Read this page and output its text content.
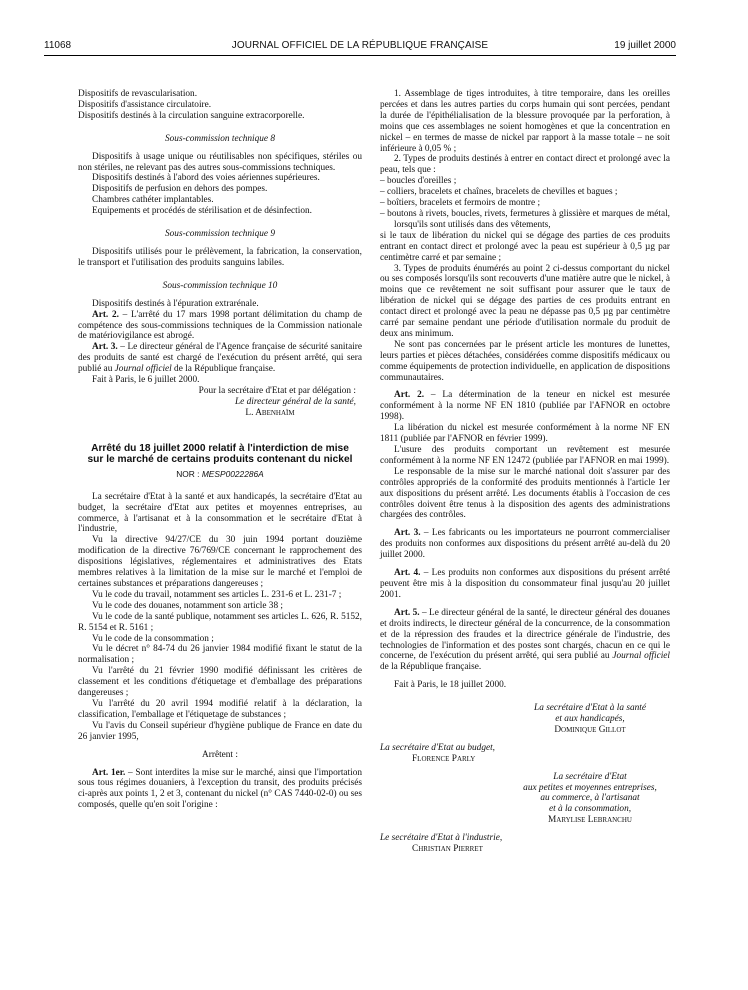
11068	JOURNAL OFFICIEL DE LA RÉPUBLIQUE FRANÇAISE	19 juillet 2000

Dispositifs de revascularisation.

Dispositifs d'assistance circulatoire.

Dispositifs destinés à la circulation sanguine extracorporelle.

Sous-commission technique 8

Dispositifs à usage unique ou réutilisables non spécifiques, stériles ou non stériles, ne relevant pas des autres sous-commissions techniques.

Dispositifs destinés à l'abord des voies aériennes supérieures.

Dispositifs de perfusion en dehors des pompes.

Chambres cathéter implantables.

Equipements et procédés de stérilisation et de désinfection.

Sous-commission technique 9

Dispositifs utilisés pour le prélèvement, la fabrication, la conservation, le transport et l'utilisation des produits sanguins labiles.

Sous-commission technique 10

Dispositifs destinés à l'épuration extrarénale.

Art. 2. – L'arrêté du 17 mars 1998 portant délimitation du champ de compétence des sous-commissions techniques de la Commission nationale de matériovigilance est abrogé.

Art. 3. – Le directeur général de l'Agence française de sécurité sanitaire des produits de santé est chargé de l'exécution du présent arrêté, qui sera publié au Journal officiel de la République française.

Fait à Paris, le 6 juillet 2000.

Pour la secrétaire d'Etat et par délégation :

Le directeur général de la santé,

L. Abenhaïm

Arrêté du 18 juillet 2000 relatif à l'interdiction de mise sur le marché de certains produits contenant du nickel

NOR : MESP0022286A

La secrétaire d'Etat à la santé et aux handicapés, la secrétaire d'Etat au budget, la secrétaire d'Etat aux petites et moyennes entreprises, au commerce, à l'artisanat et à la consommation et le secrétaire d'Etat à l'industrie,

Vu la directive 94/27/CE du 30 juin 1994 portant douzième modification de la directive 76/769/CE concernant le rapprochement des dispositions législatives, réglementaires et administratives des Etats membres relatives à la limitation de la mise sur le marché et l'emploi de certaines substances et préparations dangereuses ;

Vu le code du travail, notamment ses articles L. 231-6 et L. 231-7 ;

Vu le code des douanes, notamment son article 38 ;

Vu le code de la santé publique, notamment ses articles L. 626, R. 5152, R. 5154 et R. 5161 ;

Vu le code de la consommation ;

Vu le décret n° 84-74 du 26 janvier 1984 modifié fixant le statut de la normalisation ;

Vu l'arrêté du 21 février 1990 modifié définissant les critères de classement et les conditions d'étiquetage et d'emballage des préparations dangereuses ;

Vu l'arrêté du 20 avril 1994 modifié relatif à la déclaration, la classification, l'emballage et l'étiquetage de substances ;

Vu l'avis du Conseil supérieur d'hygiène publique de France en date du 26 janvier 1995,

Arrêtent :

Art. 1er. – Sont interdites la mise sur le marché, ainsi que l'importation sous tous régimes douaniers, à l'exception du transit, des produits précisés ci-après aux points 1, 2 et 3, contenant du nickel (n° CAS 7440-02-0) ou ses composés, quelle qu'en soit l'origine :

1. Assemblage de tiges introduites, à titre temporaire, dans les oreilles percées et dans les autres parties du corps humain qui sont percées, pendant la durée de l'épithélialisation de la blessure provoquée par la perforation, à moins que ces assemblages ne soient homogènes et que la concentration en nickel – en termes de masse de nickel par rapport à la masse totale – ne soit inférieure à 0,05 % ;

2. Types de produits destinés à entrer en contact direct et prolongé avec la peau, tels que :

– boucles d'oreilles ;

– colliers, bracelets et chaînes, bracelets de chevilles et bagues ;

– boîtiers, bracelets et fermoirs de montre ;

– boutons à rivets, boucles, rivets, fermetures à glissière et marques de métal, lorsqu'ils sont utilisés dans des vêtements,

si le taux de libération du nickel qui se dégage des parties de ces produits entrant en contact direct et prolongé avec la peau est supérieur à 0,5 µg par centimètre carré et par semaine ;

3. Types de produits énumérés au point 2 ci-dessus comportant du nickel ou ses composés lorsqu'ils sont recouverts d'une matière autre que le nickel, à moins que ce revêtement ne soit suffisant pour assurer que le taux de libération de nickel qui se dégage des parties de ces produits entrant en contact direct et prolongé avec la peau ne dépasse pas 0,5 µg par centimètre carré par semaine pendant une période d'utilisation normale du produit de deux ans minimum.

Ne sont pas concernées par le présent article les montures de lunettes, leurs parties et pièces détachées, considérées comme dispositifs médicaux ou comme équipements de protection individuelle, en application de dispositions communautaires.

Art. 2. – La détermination de la teneur en nickel est mesurée conformément à la norme NF EN 1810 (publiée par l'AFNOR en octobre 1998).

La libération du nickel est mesurée conformément à la norme NF EN 1811 (publiée par l'AFNOR en février 1999).

L'usure des produits comportant un revêtement est mesurée conformément à la norme NF EN 12472 (publiée par l'AFNOR en mai 1999).

Le responsable de la mise sur le marché national doit s'assurer par des contrôles appropriés de la conformité des produits mentionnés à l'article 1er aux dispositions du présent arrêté. Les documents établis à l'occasion de ces contrôles doivent être tenus à la disposition des agents des administrations chargées des contrôles.

Art. 3. – Les fabricants ou les importateurs ne pourront commercialiser des produits non conformes aux dispositions du présent arrêté au-delà du 20 juillet 2000.

Art. 4. – Les produits non conformes aux dispositions du présent arrêté peuvent être mis à la disposition du consommateur final jusqu'au 20 juillet 2001.

Art. 5. – Le directeur général de la santé, le directeur général des douanes et droits indirects, le directeur général de la concurrence, de la consommation et de la répression des fraudes et la directrice générale de l'industrie, des technologies de l'information et des postes sont chargés, chacun en ce qui le concerne, de l'exécution du présent arrêté, qui sera publié au Journal officiel de la République française.

Fait à Paris, le 18 juillet 2000.

La secrétaire d'Etat à la santé

et aux handicapés,

Dominique Gillot

La secrétaire d'Etat au budget,

Florence Parly

La secrétaire d'Etat

aux petites et moyennes entreprises,

au commerce, à l'artisanat

et à la consommation,

Marylise Lebranchu

Le secrétaire d'Etat à l'industrie,

Christian Pierret
